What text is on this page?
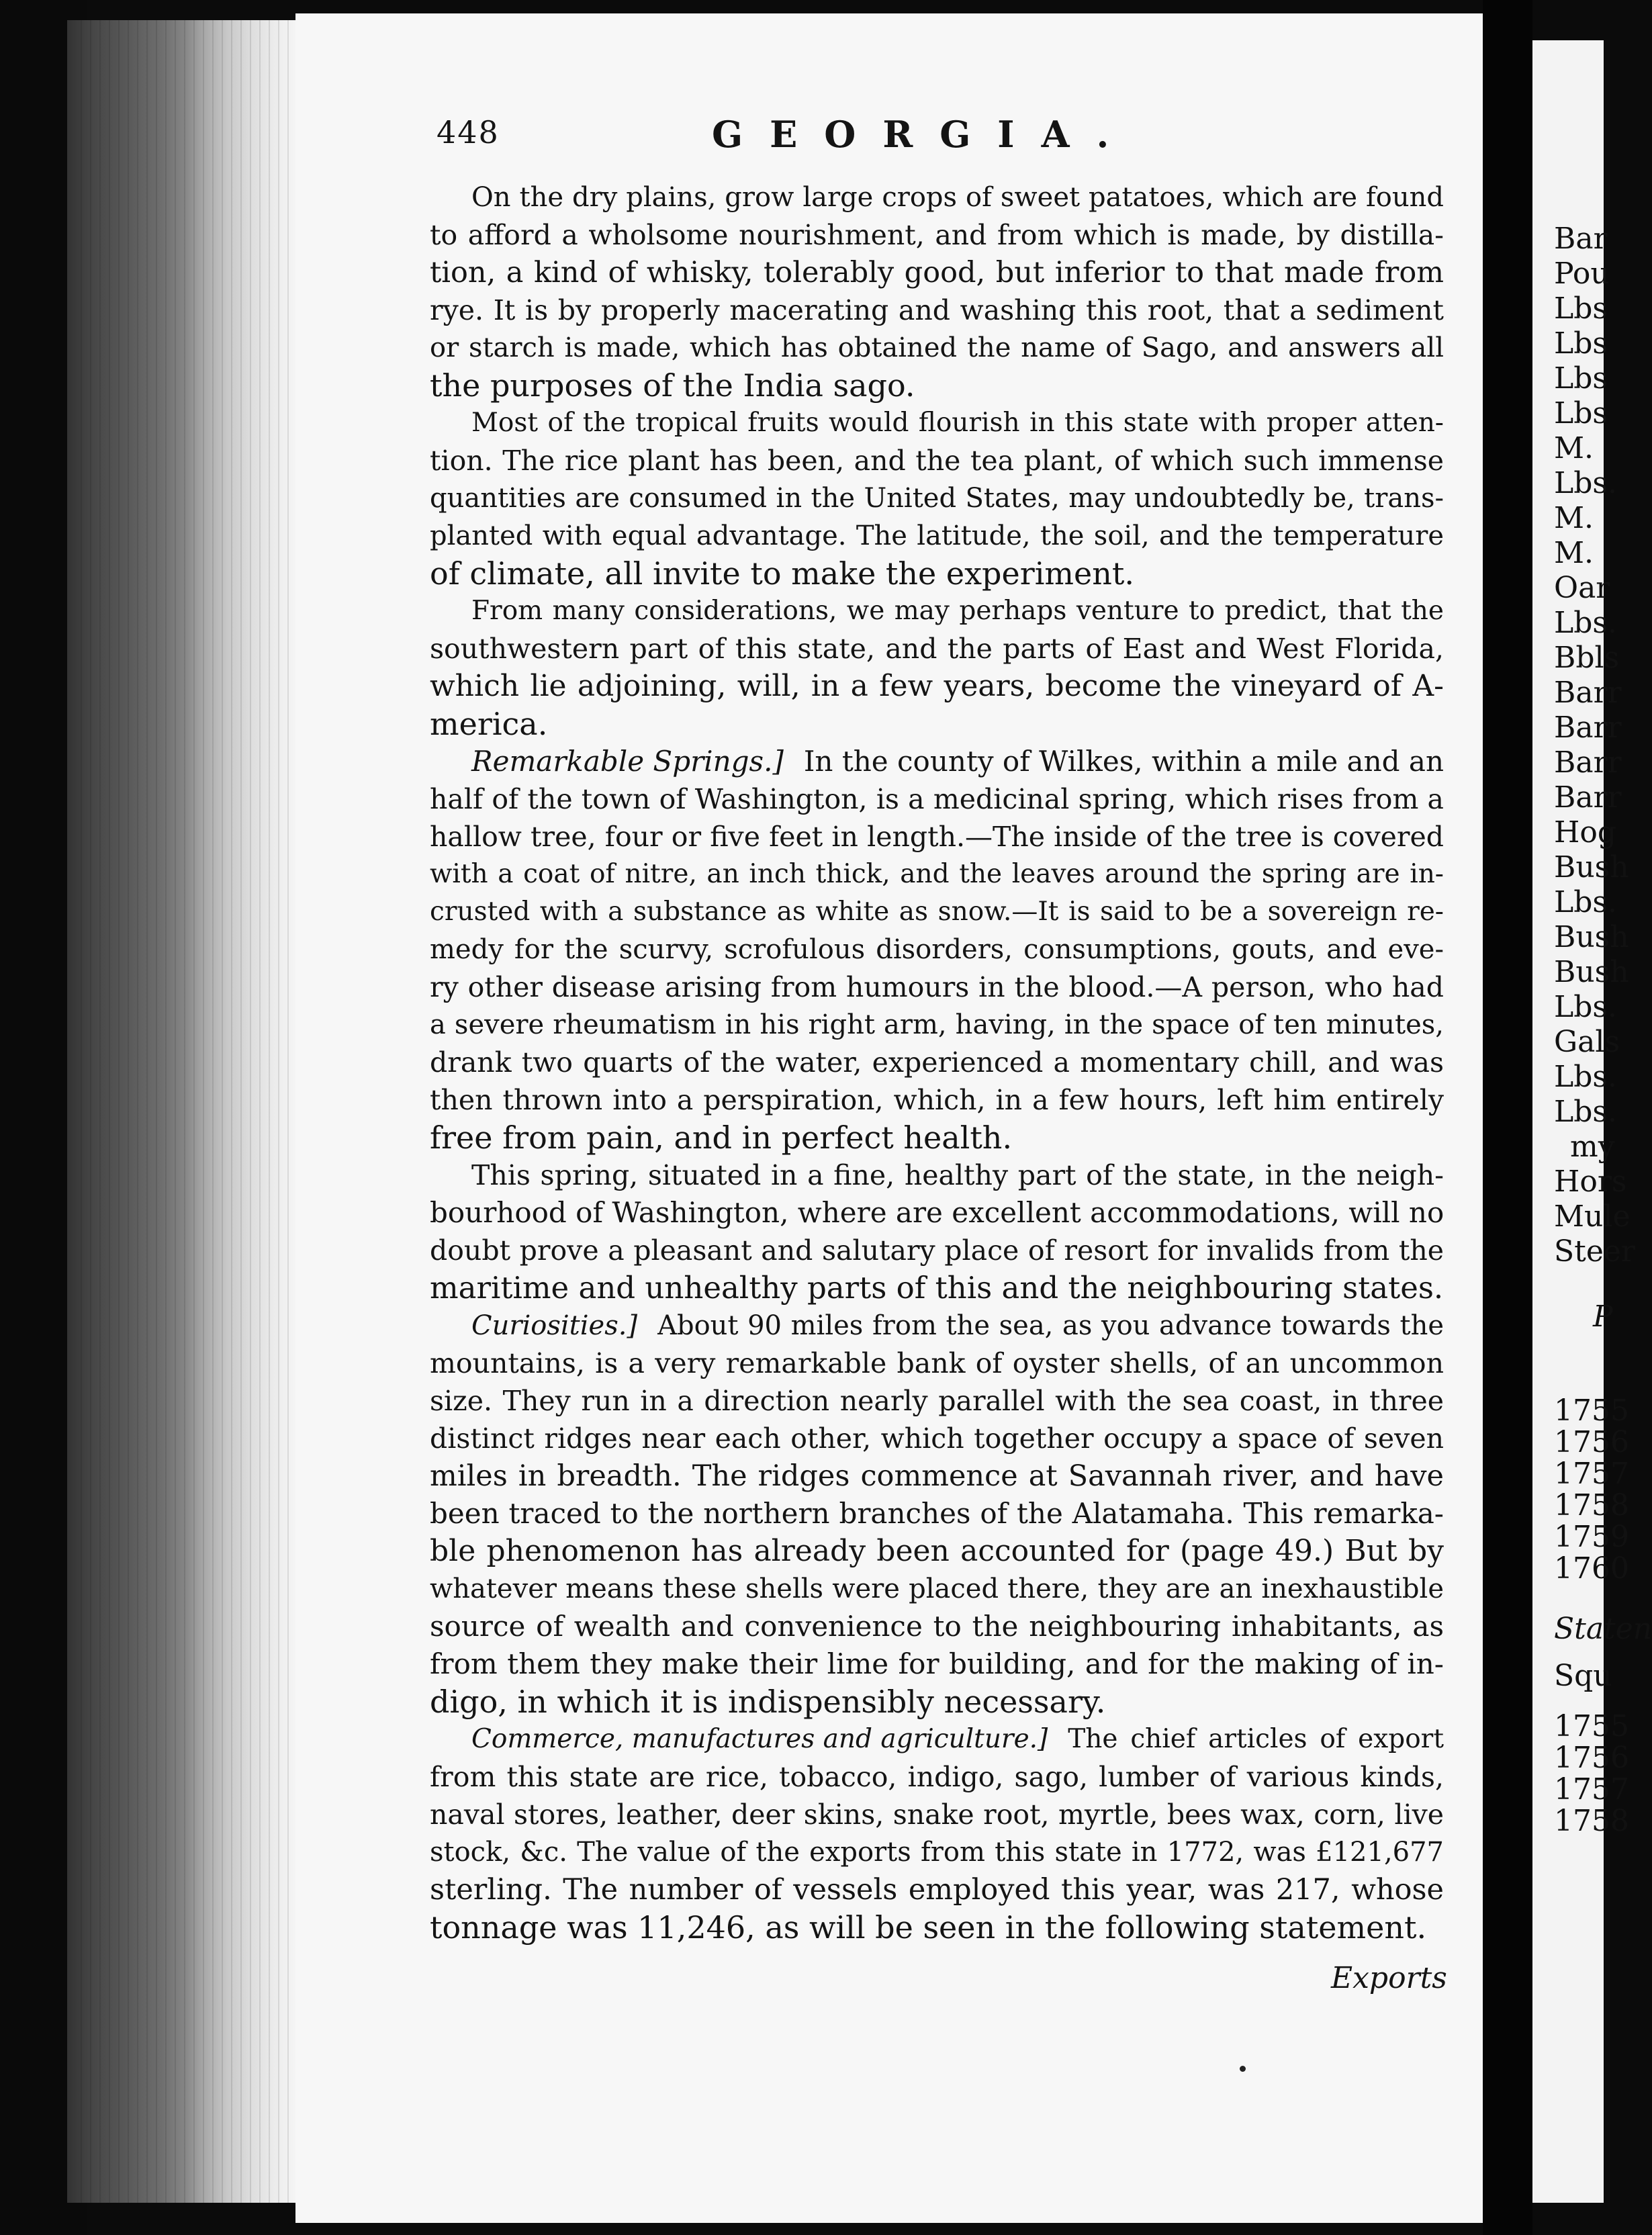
448	GEORGIA.
On the dry plains, grow large crops of sweet patatoes, which are found
to afford a wholsome nourishment, and from which is made, by distilla-
tion, a kind of whisky, tolerably good, but inferior to that made from
rye. It is by properly macerating and washing this root, that a sediment
or starch is made, which has obtained the name of Sago, and answers all
the purposes of the India sago.
Most of the tropical fruits would flourish in this state with proper atten-
tion. The rice plant has been, and the tea plant, of which such immense
quantities are consumed in the United States, may undoubtedly be, trans-
planted with equal advantage. The latitude, the soil, and the temperature
of climate, all invite to make the experiment.
From many considerations, we may perhaps venture to predict, that the
southwestern part of this state, and the parts of East and West Florida,
which lie adjoining, will, in a few years, become the vineyard of A-
merica.
Remarkable Springs.] In the county of Wilkes, within a mile and an
half of the town of Washington, is a medicinal spring, which rises from a
hallow tree, four or five feet in length.—The inside of the tree is covered
with a coat of nitre, an inch thick, and the leaves around the spring are in-
crusted with a substance as white as snow.—It is said to be a sovereign re-
medy for the scurvy, scrofulous disorders, consumptions, gouts, and eve-
ry other disease arising from humours in the blood.—A person, who had
a severe rheumatism in his right arm, having, in the space of ten minutes,
drank two quarts of the water, experienced a momentary chill, and was
then thrown into a perspiration, which, in a few hours, left him entirely
free from pain, and in perfect health.
This spring, situated in a fine, healthy part of the state, in the neigh-
bourhood of Washington, where are excellent accommodations, will no
doubt prove a pleasant and salutary place of resort for invalids from the
maritime and unhealthy parts of this and the neighbouring states.
Curiosities.] About 90 miles from the sea, as you advance towards the
mountains, is a very remarkable bank of oyster shells, of an uncommon
size. They run in a direction nearly parallel with the sea coast, in three
distinct ridges near each other, which together occupy a space of seven
miles in breadth. The ridges commence at Savannah river, and have
been traced to the northern branches of the Alatamaha. This remarka-
ble phenomenon has already been accounted for (page 49.) But by
whatever means these shells were placed there, they are an inexhaustible
source of wealth and convenience to the neighbouring inhabitants, as
from them they make their lime for building, and for the making of in-
digo, in which it is indispensibly necessary.
Commerce, manufactures and agriculture.] The chief articles of export
from this state are rice, tobacco, indigo, sago, lumber of various kinds,
naval stores, leather, deer skins, snake root, myrtle, bees wax, corn, live
stock, &c. The value of the exports from this state in 1772, was £121,677
sterling. The number of vessels employed this year, was 217, whose
tonnage was 11,246, as will be seen in the following statement.
Exports
Bar
Pou
Lbs
Lbs
Lbs
Lbs
M.
Lbs.
M.
M.
Oar
Lbs.
Bbls
Barr
Barr
Barr
Barr
Hog
Bush
Lbs.
Bush
Bush
Lbs.
Gals
Lbs.
Lbs.
my
Hors
Mule
Steer
P
1755
1756
1757
1758
1759
1760
Staten
Squ
1755
1756
1757
1758
